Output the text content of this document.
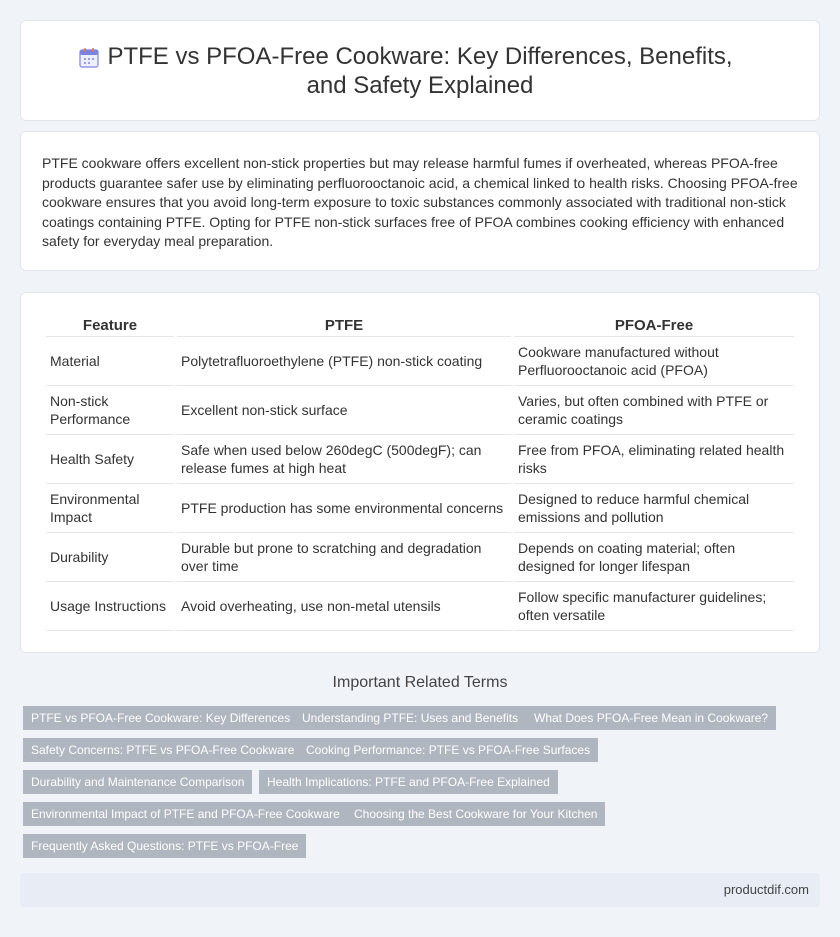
PTFE vs PFOA-Free Cookware: Key Differences, Benefits, and Safety Explained

PTFE cookware offers excellent non-stick properties but may release harmful fumes if overheated, whereas PFOA-free products guarantee safer use by eliminating perfluorooctanoic acid, a chemical linked to health risks. Choosing PFOA-free cookware ensures that you avoid long-term exposure to toxic substances commonly associated with traditional non-stick coatings containing PTFE. Opting for PTFE non-stick surfaces free of PFOA combines cooking efficiency with enhanced safety for everyday meal preparation.

Feature	PTFE	PFOA-Free
Material	Polytetrafluoroethylene (PTFE) non-stick coating	Cookware manufactured without Perfluorooctanoic acid (PFOA)
Non-stick Performance	Excellent non-stick surface	Varies, but often combined with PTFE or ceramic coatings
Health Safety	Safe when used below 260degC (500degF); can release fumes at high heat	Free from PFOA, eliminating related health risks
Environmental Impact	PTFE production has some environmental concerns	Designed to reduce harmful chemical emissions and pollution
Durability	Durable but prone to scratching and degradation over time	Depends on coating material; often designed for longer lifespan
Usage Instructions	Avoid overheating, use non-metal utensils	Follow specific manufacturer guidelines; often versatile
Important Related Terms
PTFE vs PFOA-Free Cookware: Key Differences Understanding PTFE: Uses and Benefits	What Does PFOA-Free Mean in Cookware?
Safety Concerns: PTFE vs PFOA-Free Cookware Cooking Performance: PTFE vs PFOA-Free Surfaces
Durability and Maintenance Comparison	Health Implications: PTFE and PFOA-Free Explained
Environmental Impact of PTFE and PFOA-Free Cookware	Choosing the Best Cookware for Your Kitchen
Frequently Asked Questions: PTFE vs PFOA-Free
productdif.com
